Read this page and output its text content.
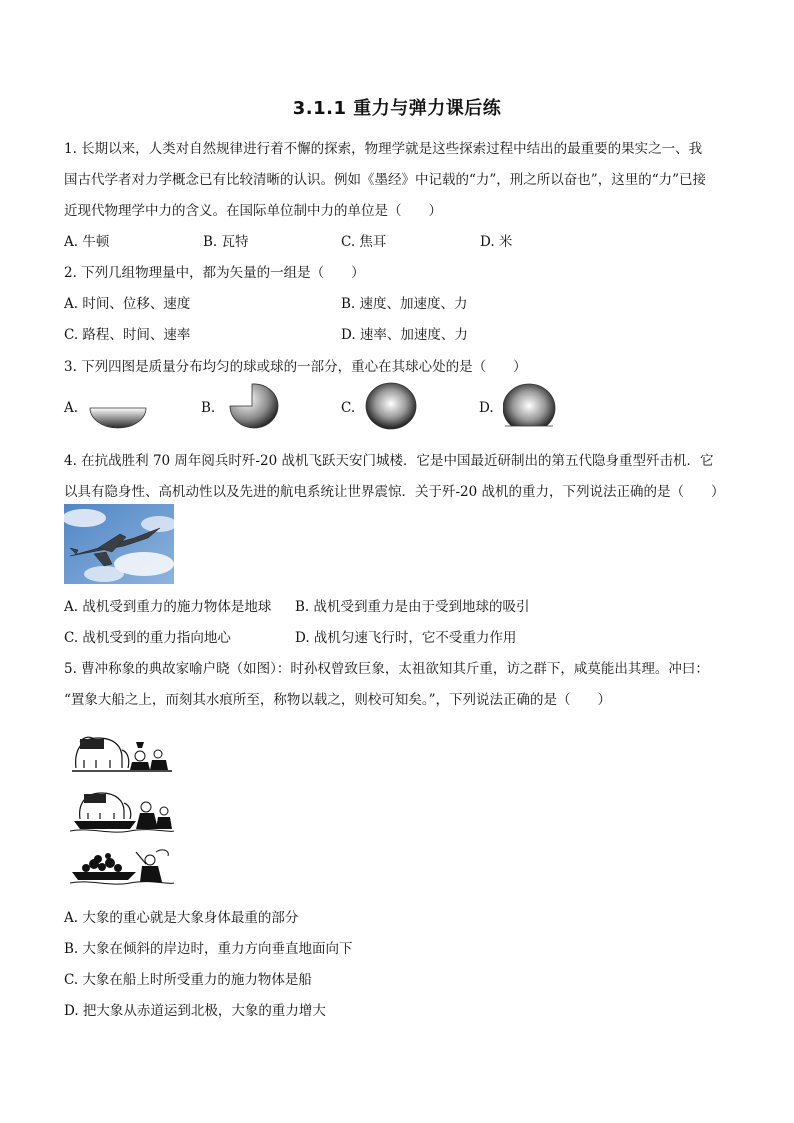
3.1.1 重力与弹力课后练
1. 长期以来，人类对自然规律进行着不懈的探索，物理学就是这些探索过程中结出的最重要的果实之一、我
国古代学者对力学概念已有比较清晰的认识。例如《墨经》中记载的“力”，刑之所以奋也”，这里的“力”已接
近现代物理学中力的含义。在国际单位制中力的单位是（　　）
A. 牛顿	B. 瓦特	C. 焦耳	D. 米
2. 下列几组物理量中，都为矢量的一组是（　　）
A. 时间、位移、速度	B. 速度、加速度、力
C. 路程、时间、速率	D. 速率、加速度、力
3. 下列四图是质量分布均匀的球或球的一部分，重心在其球心处的是（　　）
A.	B.	C.	D.
4. 在抗战胜利 70 周年阅兵时歼-20 战机飞跃天安门城楼．它是中国最近研制出的第五代隐身重型歼击机．它
以具有隐身性、高机动性以及先进的航电系统让世界震惊．关于歼-20 战机的重力，下列说法正确的是（　　）
A. 战机受到重力的施力物体是地球 B. 战机受到重力是由于受到地球的吸引
C. 战机受到的重力指向地心	D. 战机匀速飞行时，它不受重力作用
5. 曹冲称象的典故家喻户晓（如图）：时孙权曾致巨象，太祖欲知其斤重，访之群下，咸莫能出其理。冲曰：
“置象大船之上，而刻其水痕所至，称物以载之，则校可知矣。”，下列说法正确的是（　　）
A. 大象的重心就是大象身体最重的部分
B. 大象在倾斜的岸边时，重力方向垂直地面向下
C. 大象在船上时所受重力的施力物体是船
D. 把大象从赤道运到北极，大象的重力增大
